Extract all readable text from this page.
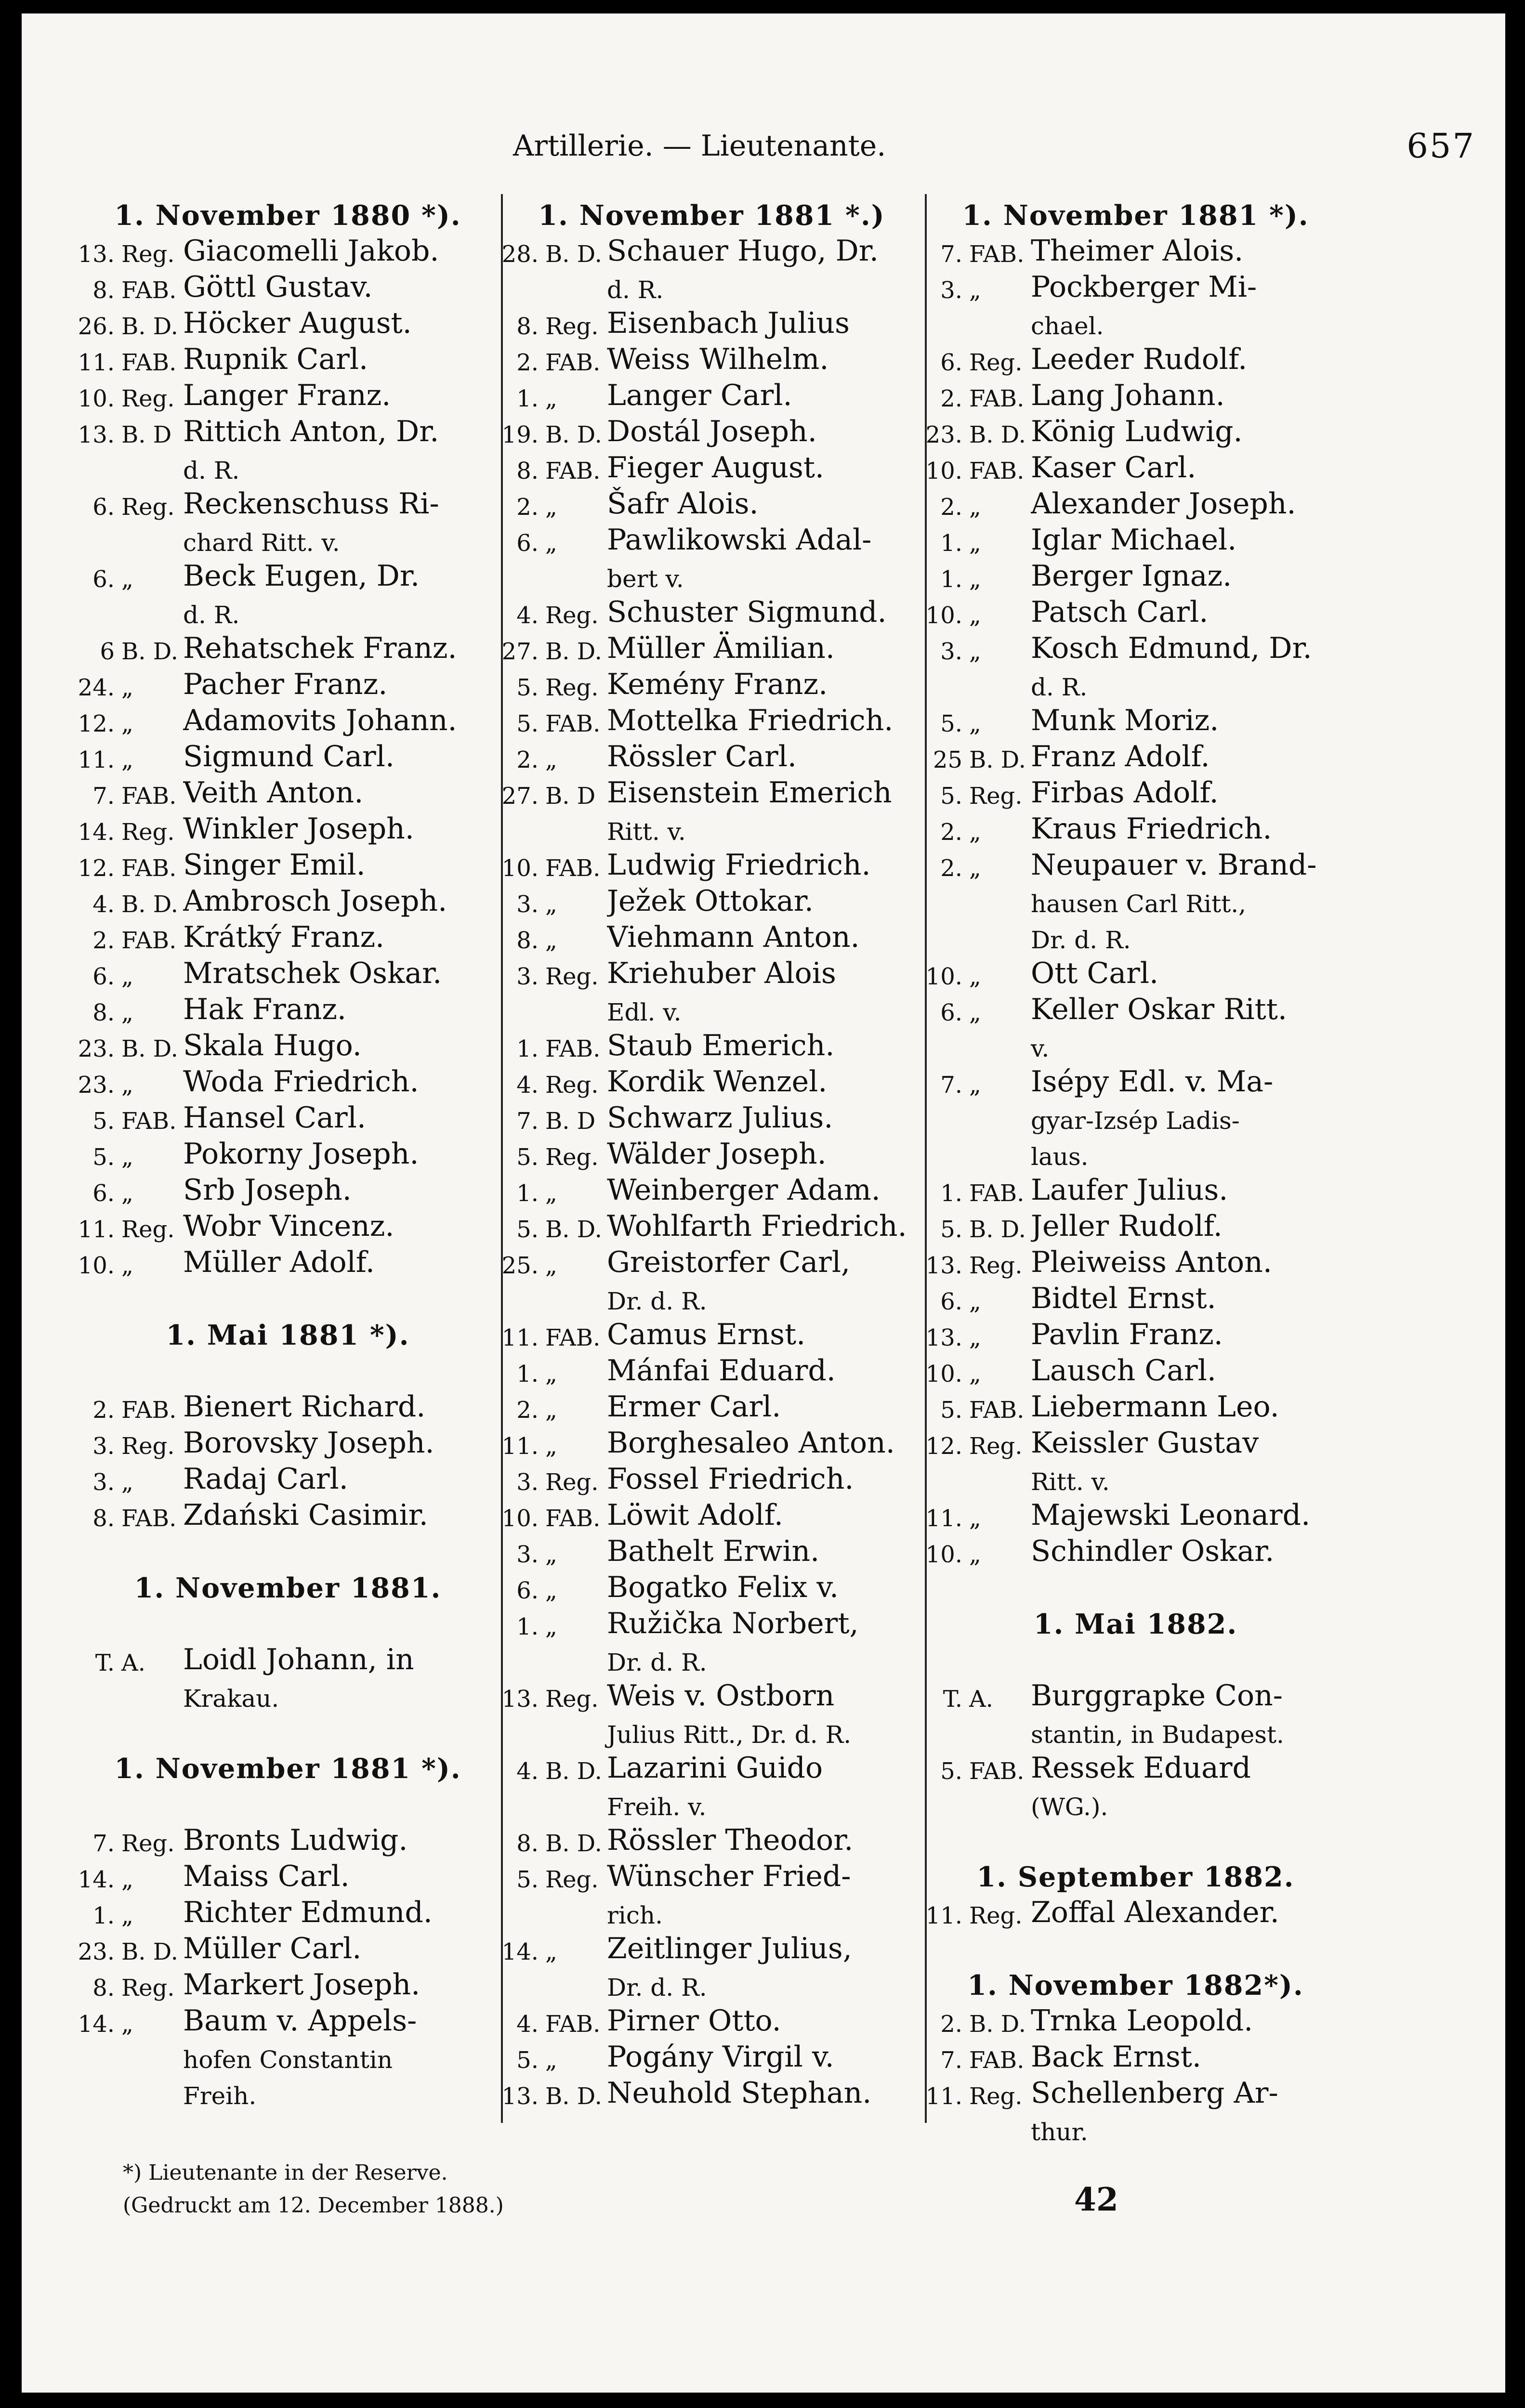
Artillerie. — Lieutenante.	657
1. November 1880 *).
13. Reg. Giacomelli Jakob.
8. FAB. Göttl Gustav.
26. B. D. Höcker August.
11. FAB. Rupnik Carl.
10. Reg. Langer Franz.
13. B. D Rittich Anton, Dr.
d. R.
6. Reg. Reckenschuss Ri-
chard Ritt. v.
6. „	Beck Eugen, Dr.
d. R.
6 B. D. Rehatschek Franz.
24. „	Pacher Franz.
12. „	Adamovits Johann.
11. „	Sigmund Carl.
7. FAB. Veith Anton.
14. Reg. Winkler Joseph.
12. FAB. Singer Emil.
4. B. D. Ambrosch Joseph.
2. FAB. Krátký Franz.
6. „	Mratschek Oskar.
8. „	Hak Franz.
23. B. D. Skala Hugo.
23. „	Woda Friedrich.
5. FAB. Hansel Carl.
5. „	Pokorny Joseph.
6. „	Srb Joseph.
11. Reg. Wobr Vincenz.
10. „	Müller Adolf.
1. Mai 1881 *).
2. FAB. Bienert Richard.
3. Reg. Borovsky Joseph.
3. „	Radaj Carl.
8. FAB. Zdański Casimir.
1. November 1881.
T. A.	Loidl Johann, in
Krakau.
1. November 1881 *).
7. Reg. Bronts Ludwig.
14. „	Maiss Carl.
1. „	Richter Edmund.
23. B. D. Müller Carl.
8. Reg. Markert Joseph.
14. „	Baum v. Appels-
hofen Constantin
Freih.
1. November 1881 *.)
28. B. D. Schauer Hugo, Dr.
d. R.
8. Reg. Eisenbach Julius
2. FAB. Weiss Wilhelm.
1. „	Langer Carl.
19. B. D. Dostál Joseph.
8. FAB. Fieger August.
2. „	Šafr Alois.
6. „	Pawlikowski Adal-
bert v.
4. Reg. Schuster Sigmund.
27. B. D. Müller Ämilian.
5. Reg. Kemény Franz.
5. FAB. Mottelka Friedrich.
2. „	Rössler Carl.
27. B. D Eisenstein Emerich
Ritt. v.
10. FAB. Ludwig Friedrich.
3. „	Ježek Ottokar.
8. „	Viehmann Anton.
3. Reg. Kriehuber Alois
Edl. v.
1. FAB. Staub Emerich.
4. Reg. Kordik Wenzel.
7. B. D Schwarz Julius.
5. Reg. Wälder Joseph.
1. „	Weinberger Adam.
5. B. D. Wohlfarth Friedrich.
25. „	Greistorfer Carl,
Dr. d. R.
11. FAB. Camus Ernst.
1. „	Mánfai Eduard.
2. „	Ermer Carl.
11. „	Borghesaleo Anton.
3. Reg. Fossel Friedrich.
10. FAB. Löwit Adolf.
3. „	Bathelt Erwin.
6. „	Bogatko Felix v.
1. „	Ružička Norbert,
Dr. d. R.
13. Reg. Weis v. Ostborn
Julius Ritt., Dr. d. R.
4. B. D. Lazarini Guido
Freih. v.
8. B. D. Rössler Theodor.
5. Reg. Wünscher Fried-
rich.
14. „	Zeitlinger Julius,
Dr. d. R.
4. FAB. Pirner Otto.
5. „	Pogány Virgil v.
13. B. D. Neuhold Stephan.
1. November 1881 *).
7. FAB. Theimer Alois.
3. „	Pockberger Mi-
chael.
6. Reg. Leeder Rudolf.
2. FAB. Lang Johann.
23. B. D. König Ludwig.
10. FAB. Kaser Carl.
2. „	Alexander Joseph.
1. „	Iglar Michael.
1. „	Berger Ignaz.
10. „	Patsch Carl.
3. „	Kosch Edmund, Dr.
d. R.
5. „	Munk Moriz.
25 B. D. Franz Adolf.
5. Reg. Firbas Adolf.
2. „	Kraus Friedrich.
2. „	Neupauer v. Brand-
hausen Carl Ritt.,
Dr. d. R.
10. „	Ott Carl.
6. „	Keller Oskar Ritt.
v.
7. „	Isépy Edl. v. Ma-
gyar-Izsép Ladis-
laus.
1. FAB. Laufer Julius.
5. B. D. Jeller Rudolf.
13. Reg. Pleiweiss Anton.
6. „	Bidtel Ernst.
13. „	Pavlin Franz.
10. „	Lausch Carl.
5. FAB. Liebermann Leo.
12. Reg. Keissler Gustav
Ritt. v.
11. „	Majewski Leonard.
10. „	Schindler Oskar.
1. Mai 1882.
T. A.	Burggrapke Con-
stantin, in Budapest.
5. FAB. Ressek Eduard
(WG.).
1. September 1882.
11. Reg. Zoffal Alexander.
1. November 1882*).
2. B. D. Trnka Leopold.
7. FAB. Back Ernst.
11. Reg. Schellenberg Ar-
thur.
*) Lieutenante in der Reserve.
(Gedruckt am 12. December 1888.)	42
